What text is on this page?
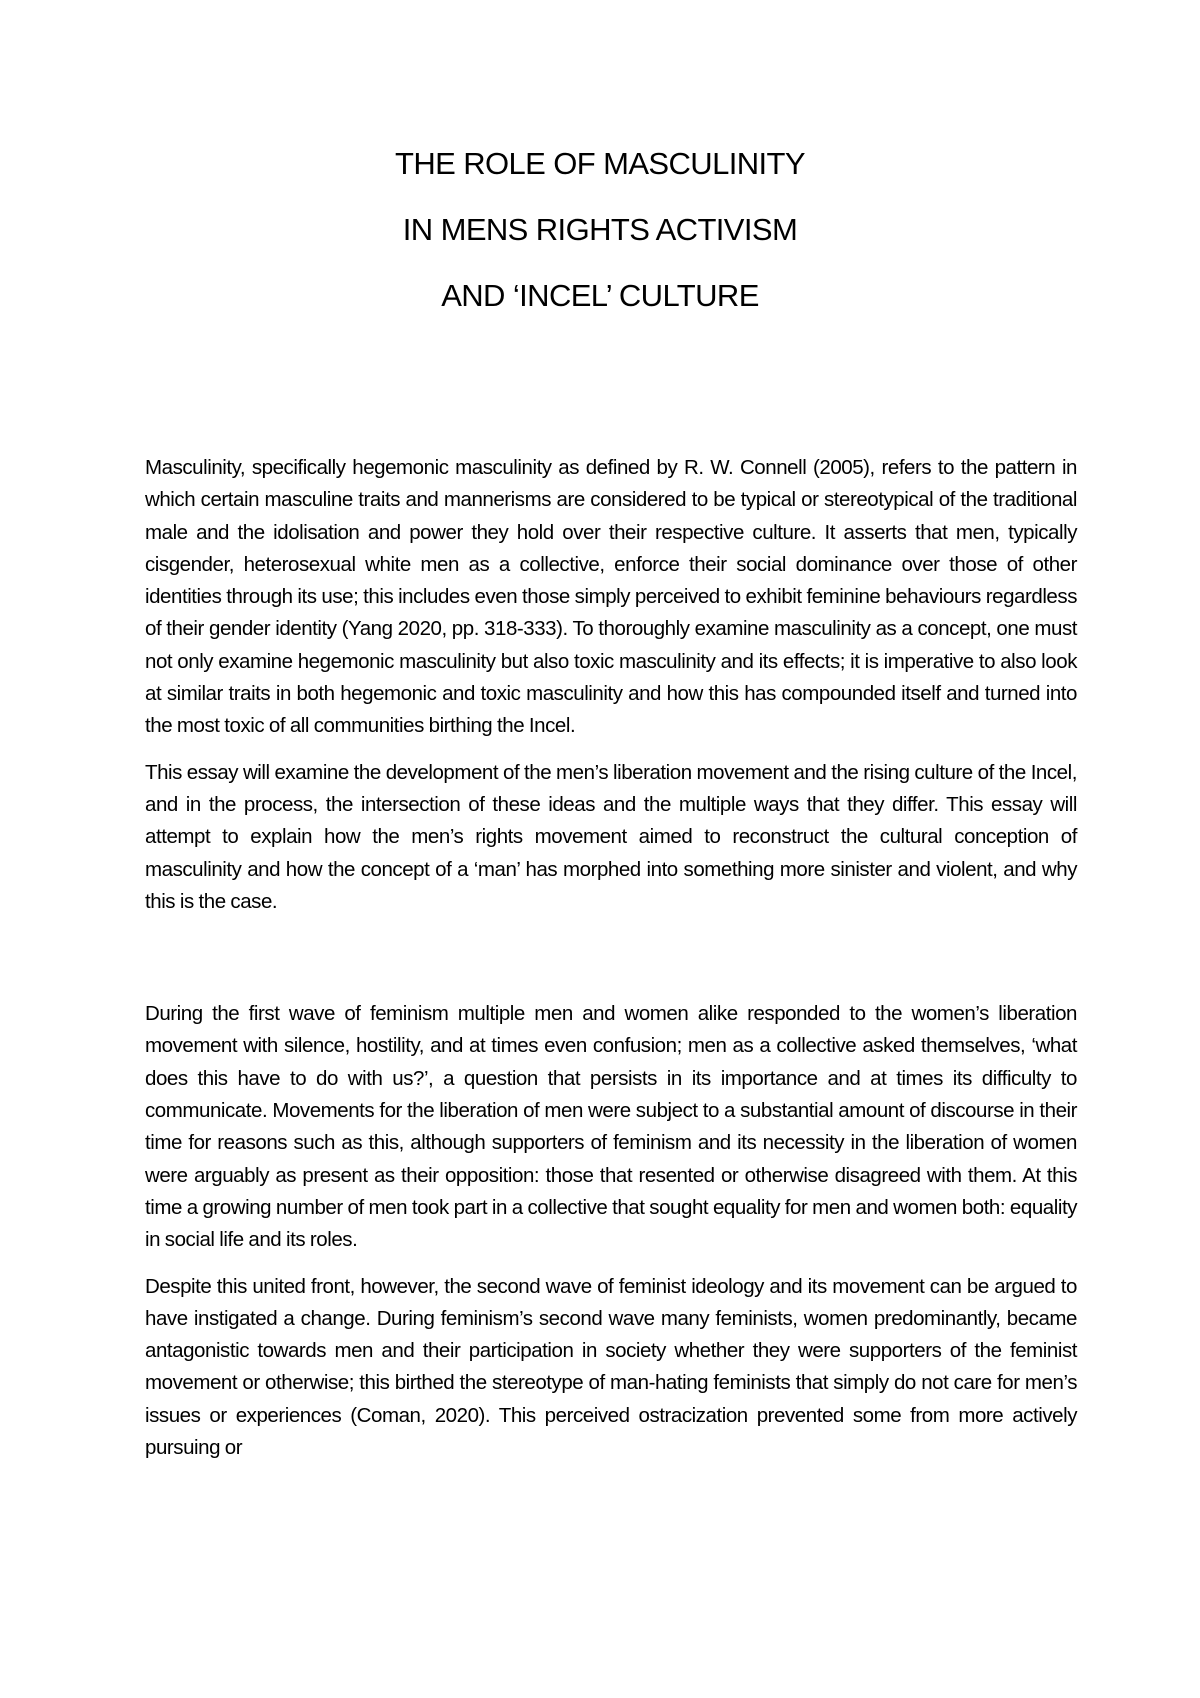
THE ROLE OF MASCULINITY
IN MENS RIGHTS ACTIVISM
AND ‘INCEL’ CULTURE

Masculinity, specifically hegemonic masculinity as defined by R. W. Connell (2005), refers to the pattern in which certain masculine traits and mannerisms are considered to be typical or stereotypical of the traditional male and the idolisation and power they hold over their respective culture. It asserts that men, typically cisgender, heterosexual white men as a collective, enforce their social dominance over those of other identities through its use; this includes even those simply perceived to exhibit feminine behaviours regardless of their gender identity (Yang 2020, pp. 318-333). To thoroughly examine masculinity as a concept, one must not only examine hegemonic masculinity but also toxic masculinity and its effects; it is imperative to also look at similar traits in both hegemonic and toxic masculinity and how this has compounded itself and turned into the most toxic of all communities birthing the Incel.

This essay will examine the development of the men’s liberation movement and the rising culture of the Incel, and in the process, the intersection of these ideas and the multiple ways that they differ. This essay will attempt to explain how the men’s rights movement aimed to reconstruct the cultural conception of masculinity and how the concept of a ‘man’ has morphed into something more sinister and violent, and why this is the case.

During the first wave of feminism multiple men and women alike responded to the women’s liberation movement with silence, hostility, and at times even confusion; men as a collective asked themselves, ‘what does this have to do with us?’, a question that persists in its importance and at times its difficulty to communicate. Movements for the liberation of men were subject to a substantial amount of discourse in their time for reasons such as this, although supporters of feminism and its necessity in the liberation of women were arguably as present as their opposition: those that resented or otherwise disagreed with them. At this time a growing number of men took part in a collective that sought equality for men and women both: equality in social life and its roles.

Despite this united front, however, the second wave of feminist ideology and its movement can be argued to have instigated a change. During feminism’s second wave many feminists, women predominantly, became antagonistic towards men and their participation in society whether they were supporters of the feminist movement or otherwise; this birthed the stereotype of man-hating feminists that simply do not care for men’s issues or experiences (Coman, 2020). This perceived ostracization prevented some from more actively pursuing or
